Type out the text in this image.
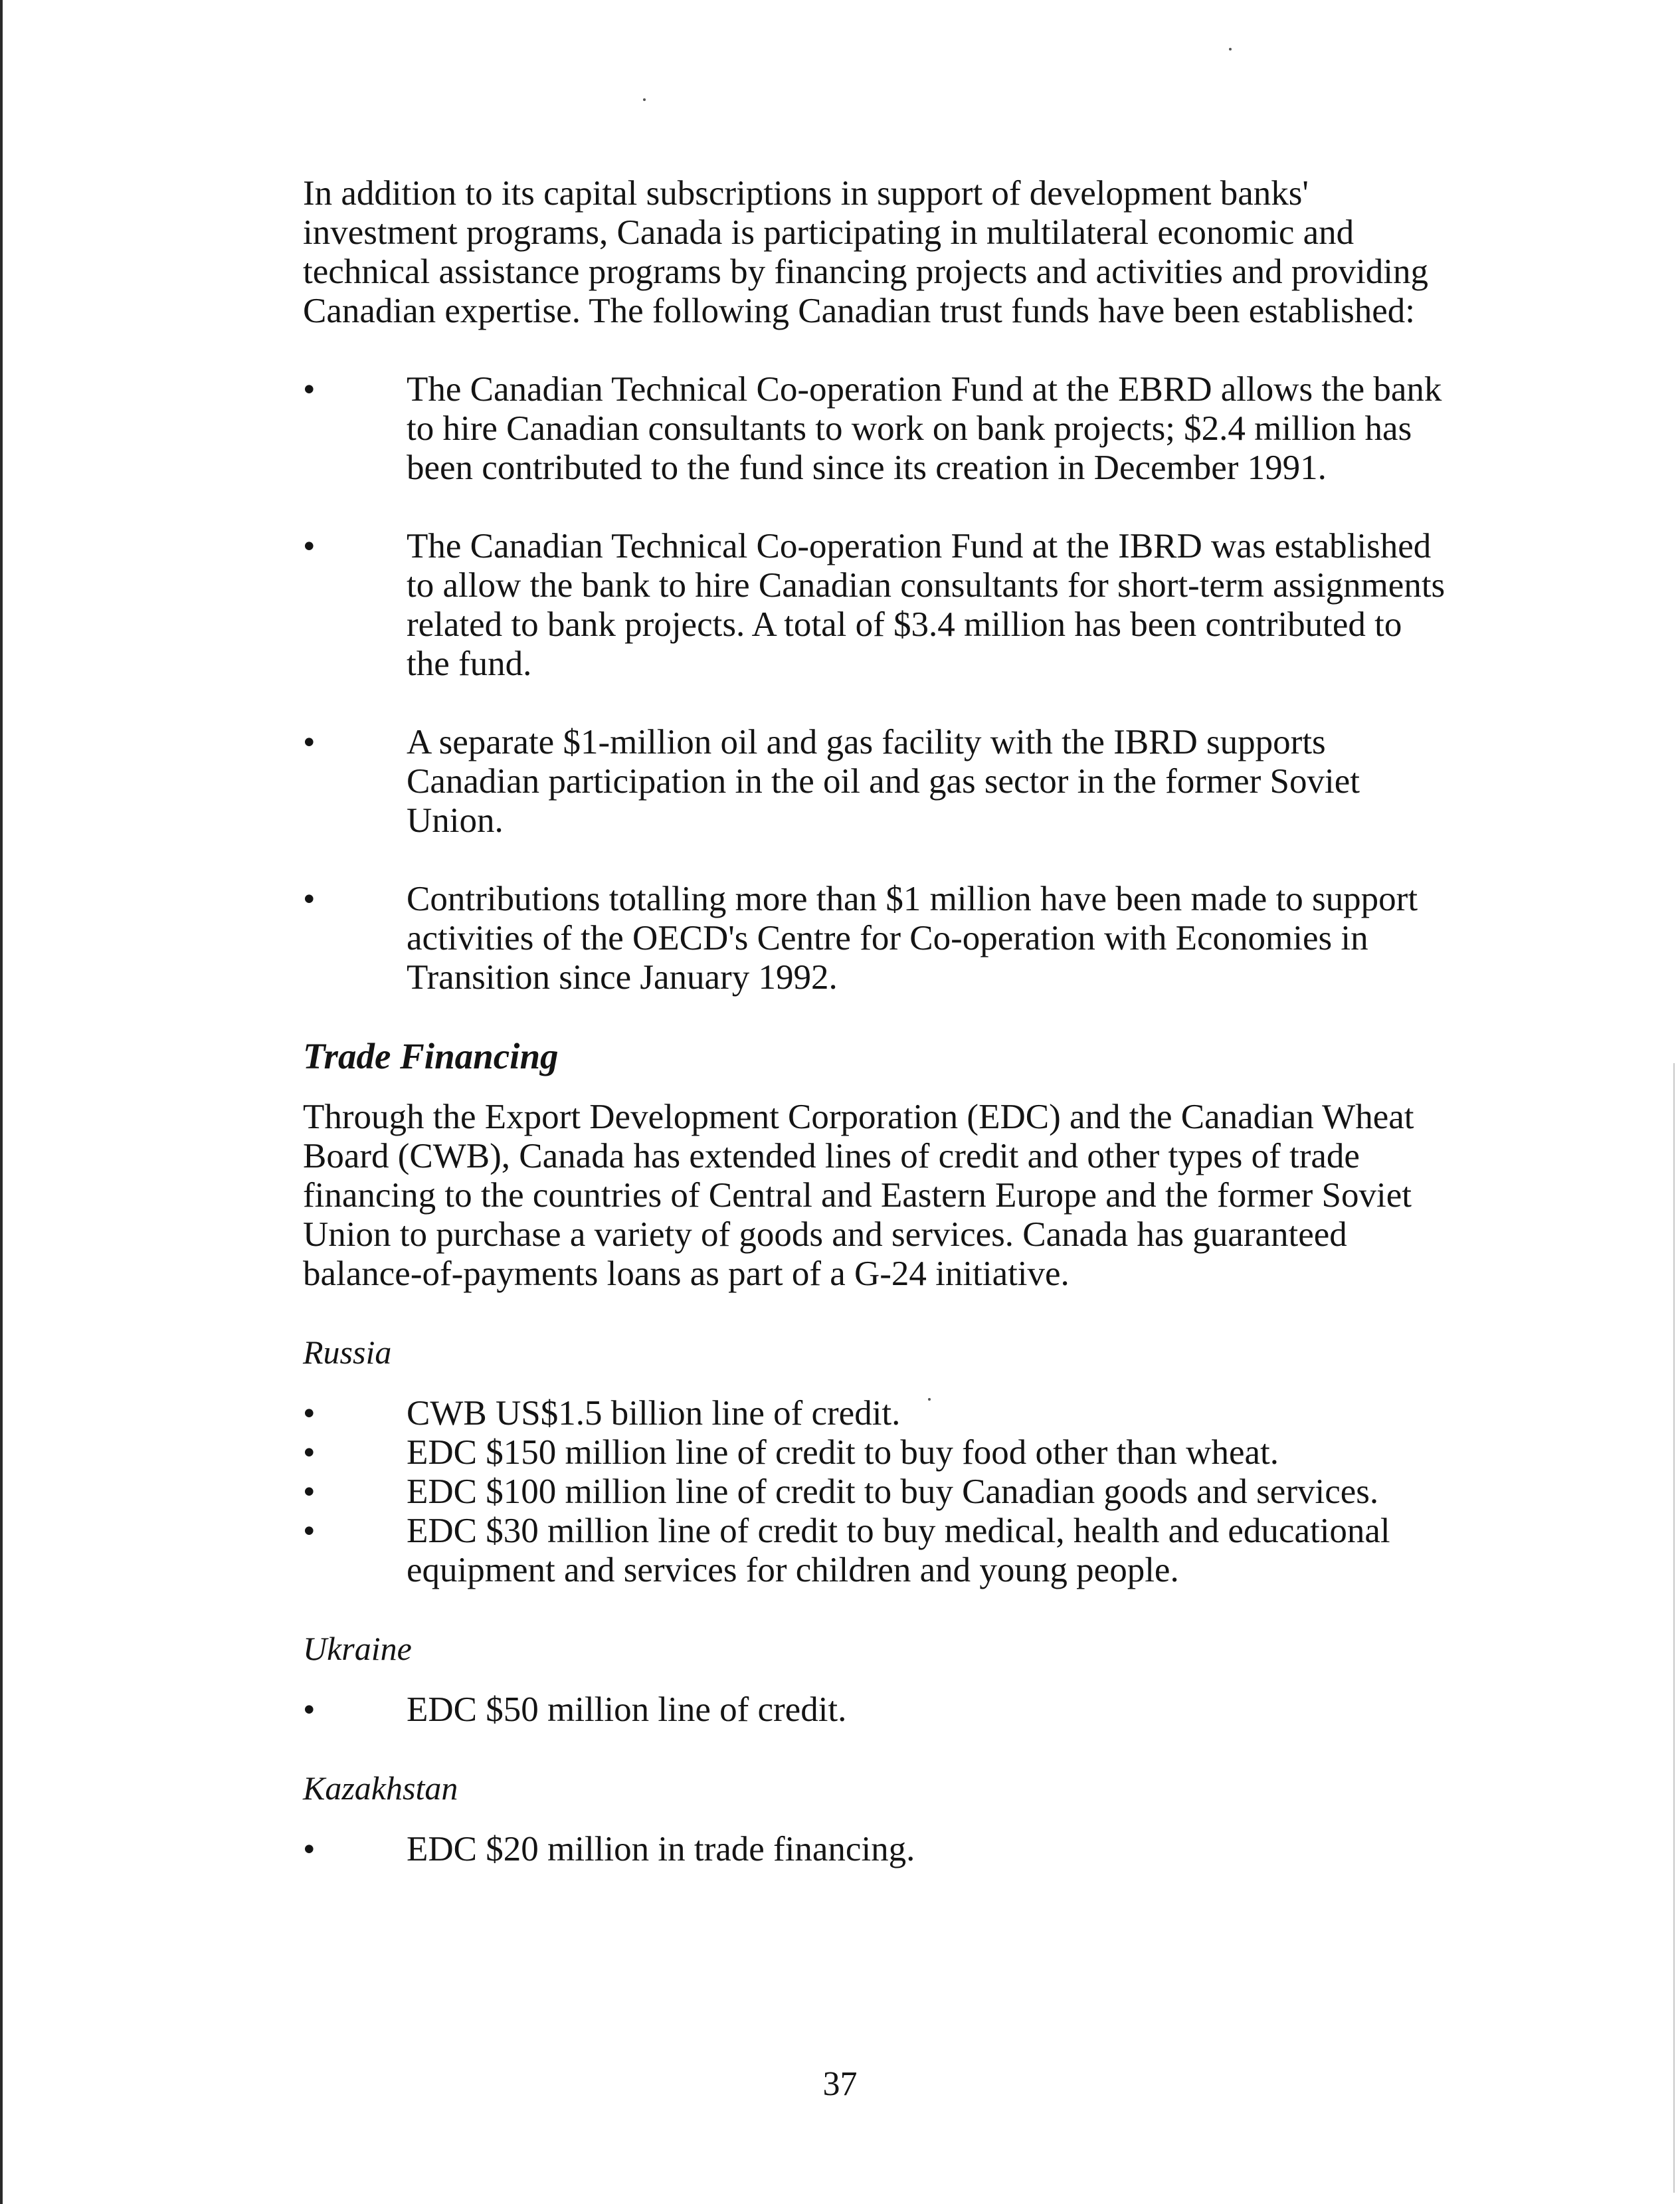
In addition to its capital subscriptions in support of development banks' investment programs, Canada is participating in multilateral economic and technical assistance programs by financing projects and activities and providing Canadian expertise. The following Canadian trust funds have been established:

•	The Canadian Technical Co-operation Fund at the EBRD allows the bank to hire Canadian consultants to work on bank projects; $2.4 million has been contributed to the fund since its creation in December 1991.
•	The Canadian Technical Co-operation Fund at the IBRD was established to allow the bank to hire Canadian consultants for short-term assignments related to bank projects. A total of $3.4 million has been contributed to the fund.
•	A separate $1-million oil and gas facility with the IBRD supports Canadian participation in the oil and gas sector in the former Soviet Union.
•	Contributions totalling more than $1 million have been made to support activities of the OECD's Centre for Co-operation with Economies in Transition since January 1992.
Trade Financing

Through the Export Development Corporation (EDC) and the Canadian Wheat Board (CWB), Canada has extended lines of credit and other types of trade financing to the countries of Central and Eastern Europe and the former Soviet Union to purchase a variety of goods and services. Canada has guaranteed balance-of-payments loans as part of a G-24 initiative.

Russia

•	CWB US$1.5 billion line of credit.
•	EDC $150 million line of credit to buy food other than wheat.
•	EDC $100 million line of credit to buy Canadian goods and services.
•	EDC $30 million line of credit to buy medical, health and educational equipment and services for children and young people.

Ukraine

•	EDC $50 million line of credit.

Kazakhstan

•	EDC $20 million in trade financing.
37
